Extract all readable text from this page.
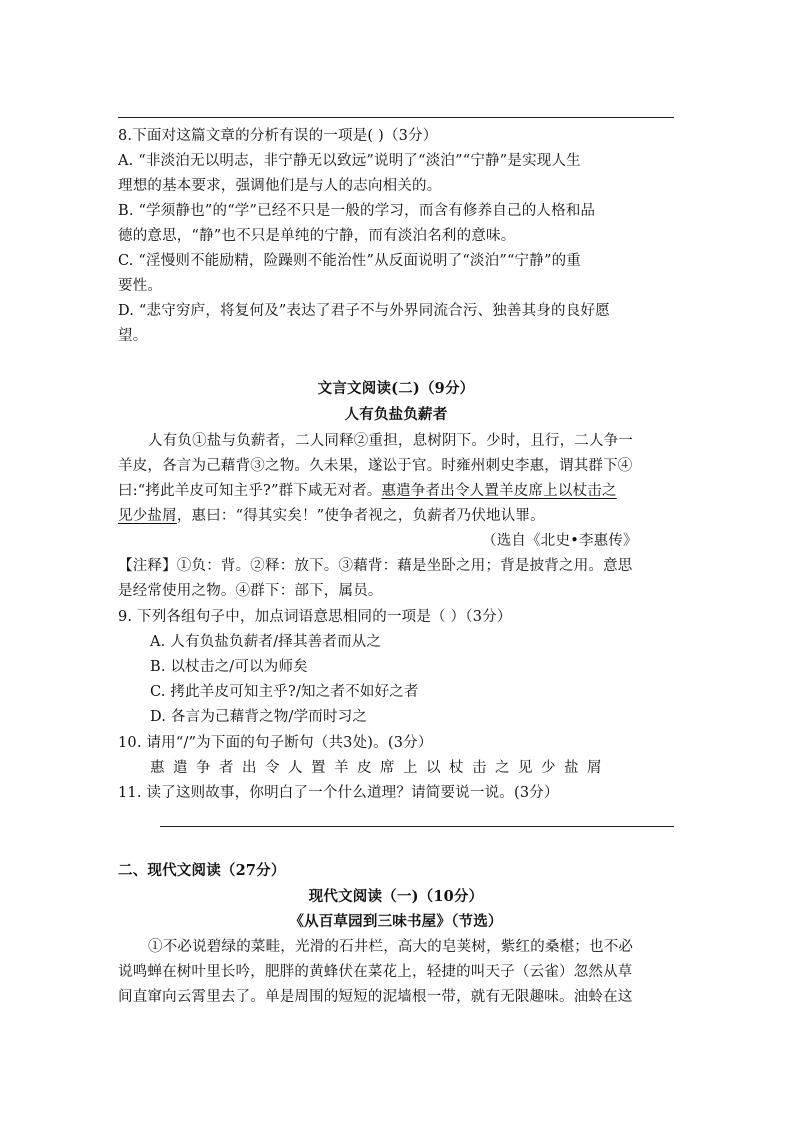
8.下面对这篇文章的分析有误的一项是( )（3分）
A. “非淡泊无以明志，非宁静无以致远”说明了“淡泊”“宁静”是实现人生
理想的基本要求，强调他们是与人的志向相关的。
B. “学须静也”的“学”已经不只是一般的学习，而含有修养自己的人格和品
德的意思，“静”也不只是单纯的宁静，而有淡泊名利的意味。
C. “淫慢则不能励精，险躁则不能治性”从反面说明了“淡泊”“宁静”的重
要性。
D. “悲守穷庐，将复何及”表达了君子不与外界同流合污、独善其身的良好愿
望。
文言文阅读(二)（9分）
人有负盐负薪者
人有负①盐与负薪者，二人同释②重担，息树阴下。少时，且行，二人争一
羊皮，各言为己藉背③之物。久未果，遂讼于官。时雍州刺史李惠，谓其群下④
曰:“拷此羊皮可知主乎?”群下咸无对者。惠遣争者出令人置羊皮席上以杖击之
见少盐屑，惠曰：“得其实矣！”使争者视之，负薪者乃伏地认罪。
（选自《北史•李惠传》
【注释】①负：背。②释：放下。③藉背：藉是坐卧之用；背是披背之用。意思
是经常使用之物。④群下：部下，属员。
9. 下列各组句子中，加点词语意思相同的一项是（ ）（3分）
A. 人有负盐负薪者/择其善者而从之
B. 以杖击之/可以为师矣
C. 拷此羊皮可知主乎?/知之者不如好之者
D. 各言为己藉背之物/学而时习之
10. 请用“/”为下面的句子断句（共3处)。(3分）
惠遣争者出令人置羊皮席上以杖击之见少盐屑
11. 读了这则故事，你明白了一个什么道理？请简要说一说。(3分）
二、现代文阅读（27分）
现代文阅读（一)（10分）
《从百草园到三味书屋》（节选）
①不必说碧绿的菜畦，光滑的石井栏，高大的皂荚树，紫红的桑椹；也不必
说鸣蝉在树叶里长吟，肥胖的黄蜂伏在菜花上，轻捷的叫天子（云雀）忽然从草
间直窜向云霄里去了。单是周围的短短的泥墙根一带，就有无限趣味。油蛉在这
